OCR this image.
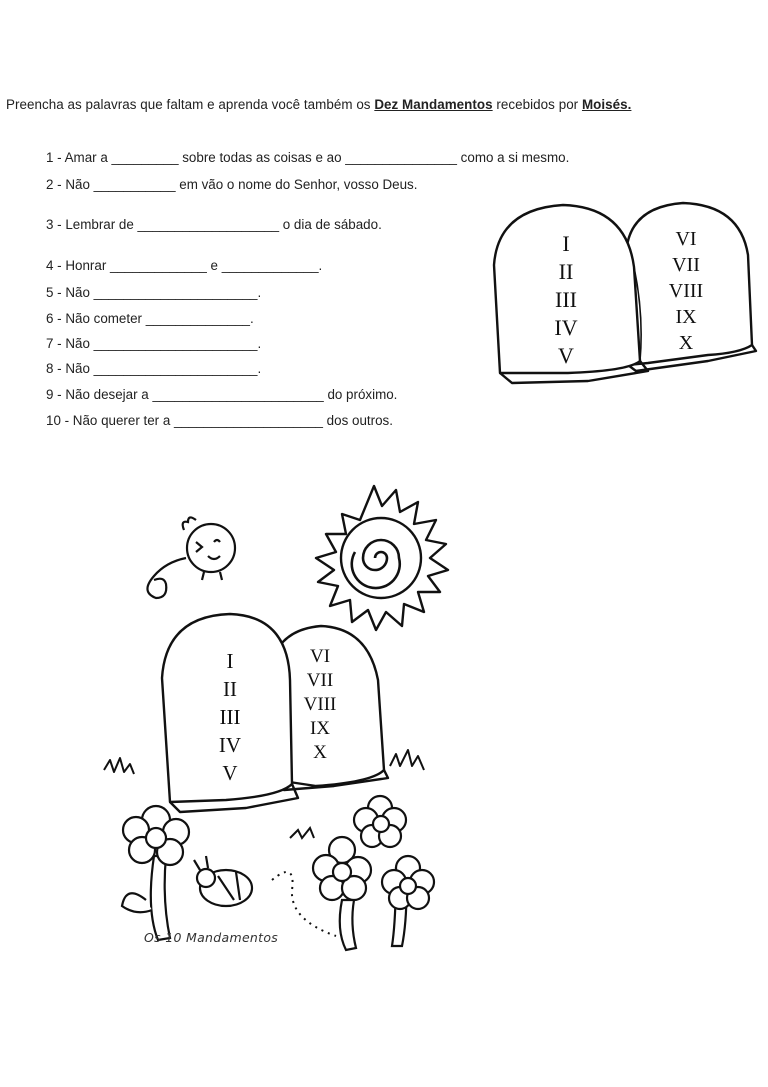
Preencha as palavras que faltam e aprenda você também os Dez Mandamentos recebidos por Moisés.
1 - Amar a _________ sobre todas as coisas e ao _______________ como a si mesmo.
2 - Não ___________ em vão o nome do Senhor, vosso Deus.
3 - Lembrar de ___________________ o dia de sábado.
4 - Honrar _____________ e _____________.
5 - Não ______________________.
6 - Não cometer ______________.
7 - Não ______________________.
8 - Não ______________________.
9 - Não desejar a _______________________ do próximo.
10 - Não querer ter a ____________________ dos outros.
I
II
III
IV
V
VI
VII
VIII
IX
X
I
II
III
IV
V
VI
VII
VIII
IX
X
Os 10 Mandamentos
